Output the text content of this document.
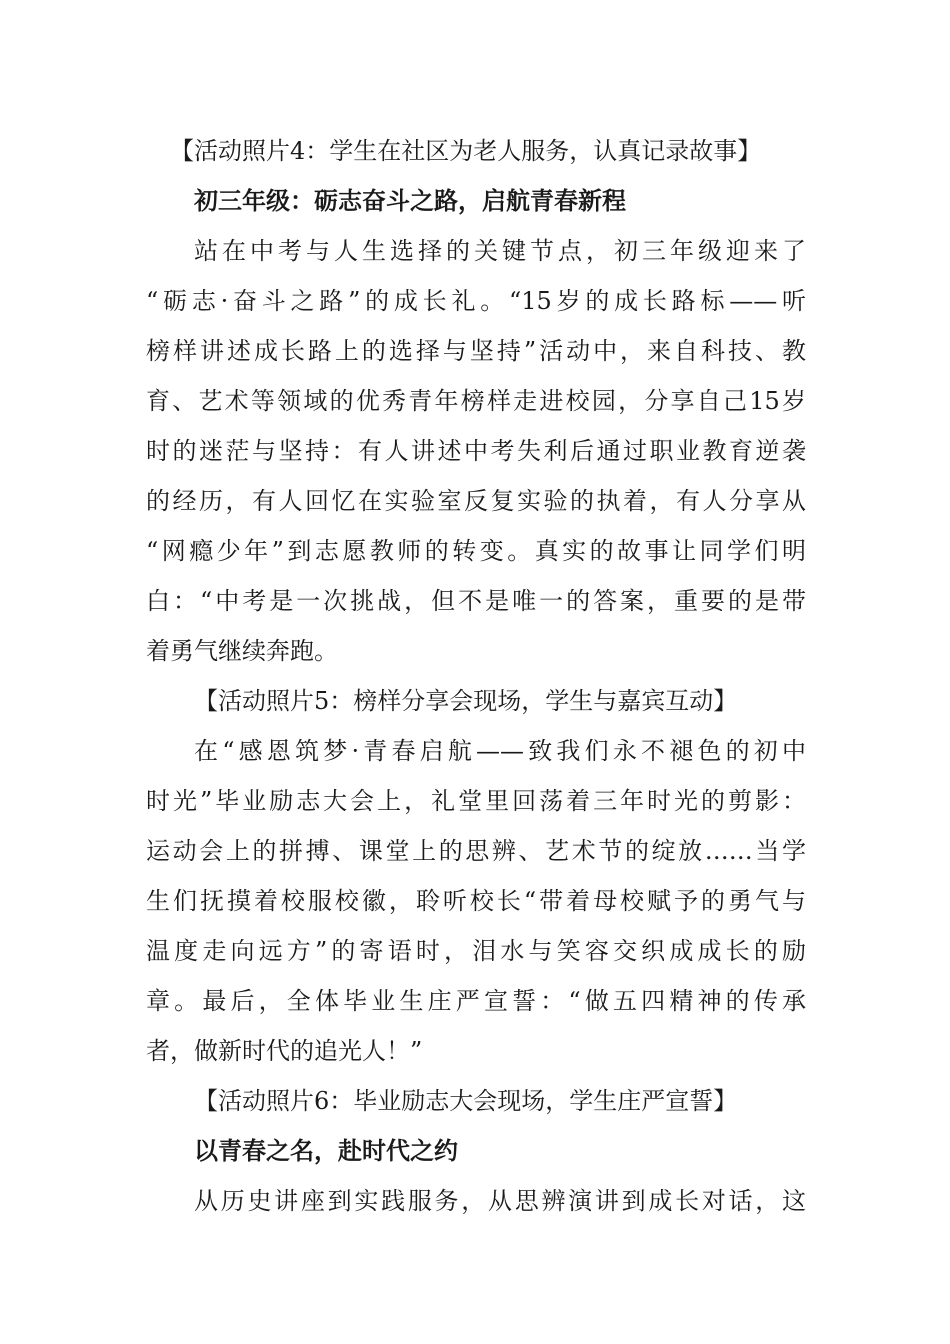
【活动照片4：学生在社区为老人服务，认真记录故事】
初三年级：砺志奋斗之路，启航青春新程
站在中考与人生选择的关键节点，初三年级迎来了
“砺志·奋斗之路”的成长礼。“15岁的成长路标——听
榜样讲述成长路上的选择与坚持”活动中，来自科技、教
育、艺术等领域的优秀青年榜样走进校园，分享自己15岁
时的迷茫与坚持：有人讲述中考失利后通过职业教育逆袭
的经历，有人回忆在实验室反复实验的执着，有人分享从
“网瘾少年”到志愿教师的转变。真实的故事让同学们明
白：“中考是一次挑战，但不是唯一的答案，重要的是带
着勇气继续奔跑。
【活动照片5：榜样分享会现场，学生与嘉宾互动】
在“感恩筑梦·青春启航——致我们永不褪色的初中
时光”毕业励志大会上，礼堂里回荡着三年时光的剪影：
运动会上的拼搏、课堂上的思辨、艺术节的绽放……当学
生们抚摸着校服校徽，聆听校长“带着母校赋予的勇气与
温度走向远方”的寄语时，泪水与笑容交织成成长的励
章。最后，全体毕业生庄严宣誓：“做五四精神的传承
者，做新时代的追光人！”
【活动照片6：毕业励志大会现场，学生庄严宣誓】
以青春之名，赴时代之约
从历史讲座到实践服务，从思辨演讲到成长对话，这
